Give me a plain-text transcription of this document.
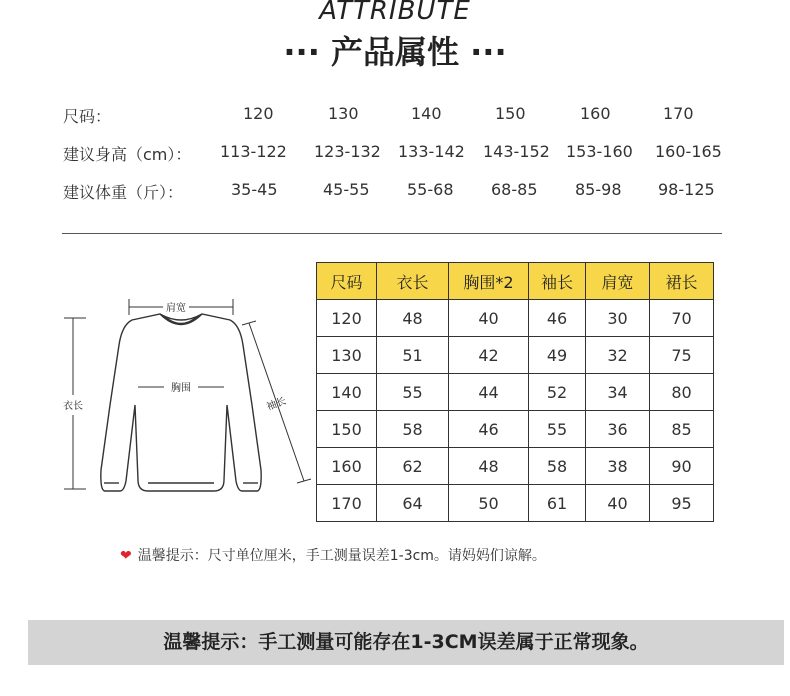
ATTRIBUTE
··· 产品属性 ···
尺码：	120	130	140	150	160	170
建议身高（cm）： 113-122 123-132 133-142 143-152 153-160 160-165
建议体重（斤）：	35-45	45-55 55-68 68-85 85-98 98-125
肩宽
胸围
衣长	袖长
尺码	衣长	胸围*2	袖长	肩宽	裙长
120	48	40	46	30	70
130	51	42	49	32	75
140	55	44	52	34	80
150	58	46	55	36	85
160	62	48	58	38	90
170	64	50	61	40	95
❤ 温馨提示：尺寸单位厘米，手工测量误差1-3cm。请妈妈们谅解。
温馨提示：手工测量可能存在1-3CM误差属于正常现象。
